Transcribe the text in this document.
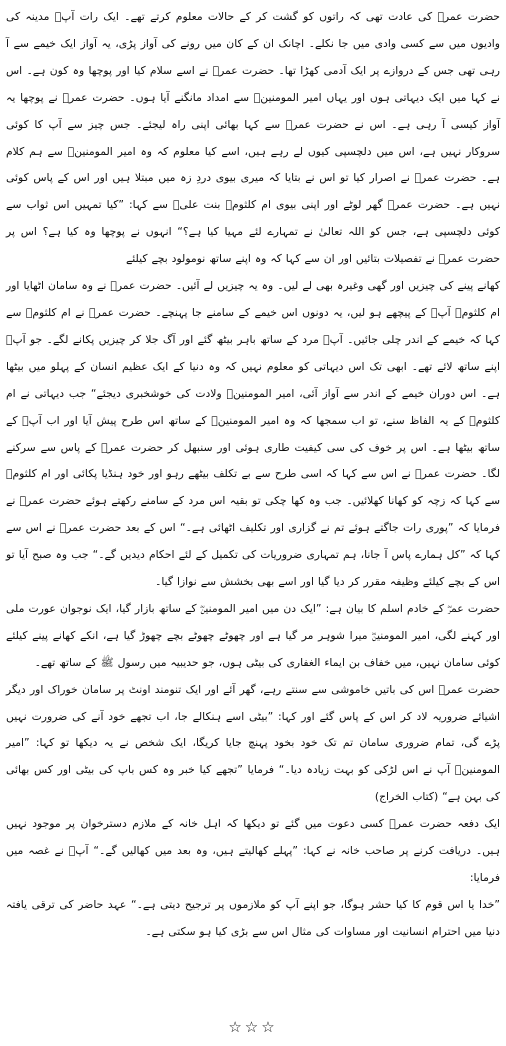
حضرت عمرؓ کی عادت تھی کہ راتوں کو گشت کر کے حالات معلوم کرتے تھے۔ ایک رات آپؓ مدینہ کی وادیوں میں سے کسی وادی میں جا نکلے۔ اچانک ان کے کان میں رونے کی آواز پڑی، یہ آواز ایک خیمے سے آ رہی تھی جس کے دروازے پر ایک آدمی کھڑا تھا۔ حضرت عمرؓ نے اسے سلام کیا اور پوچھا وہ کون ہے۔ اس نے کہا میں ایک دیہاتی ہوں اور یہاں امیر المومنینؓ سے امداد مانگنے آیا ہوں۔ حضرت عمرؓ نے پوچھا یہ آواز کیسی آ رہی ہے۔ اس نے حضرت عمرؓ سے کہا بھائی اپنی راہ لیجئے۔ جس چیز سے آپ کا کوئی سروکار نہیں ہے، اس میں دلچسپی کیوں لے رہے ہیں، اسے کیا معلوم کہ وہ امیر المومنینؓ سے ہم کلام ہے۔ حضرت عمرؓ نے اصرار کیا تو اس نے بتایا کہ میری بیوی دردِ زہ میں مبتلا ہیں اور اس کے پاس کوئی نہیں ہے۔ حضرت عمرؓ گھر لوٹے اور اپنی بیوی ام کلثومؓ بنت علیؓ سے کہا: ”کیا تمہیں اس ثواب سے کوئی دلچسپی ہے، جس کو اللہ تعالیٰ نے تمہارے لئے مہیا کیا ہے؟“ انہوں نے پوچھا وہ کیا ہے؟ اس پر حضرت عمرؓ نے تفصیلات بتائیں اور ان سے کہا کہ وہ اپنے ساتھ نومولود بچے کیلئے

کھانے پینے کی چیزیں اور گھی وغیرہ بھی لے لیں۔ وہ یہ چیزیں لے آئیں۔ حضرت عمرؓ نے وہ سامان اٹھایا اور ام کلثومؓ آپؓ کے پیچھے ہو لیں، یہ دونوں اس خیمے کے سامنے جا پہنچے۔ حضرت عمرؓ نے ام کلثومؓ سے کہا کہ خیمے کے اندر چلی جائیں۔ آپؓ مرد کے ساتھ باہر بیٹھ گئے اور آگ جلا کر چیزیں پکانے لگے۔ جو آپؓ اپنے ساتھ لائے تھے۔ ابھی تک اس دیہاتی کو معلوم نہیں کہ وہ دنیا کے ایک عظیم انسان کے پہلو میں بیٹھا ہے۔ اس دوران خیمے کے اندر سے آواز آئی، امیر المومنینؓ ولادت کی خوشخبری دیجئے“ جب دیہاتی نے ام کلثومؓ کے یہ الفاظ سنے، تو اب سمجھا کہ وہ امیر المومنینؓ کے ساتھ اس طرح پیش آیا اور اب آپؓ کے ساتھ بیٹھا ہے۔ اس پر خوف کی سی کیفیت طاری ہوئی اور سنبھل کر حضرت عمرؓ کے پاس سے سرکنے لگا۔ حضرت عمرؓ نے اس سے کہا کہ اسی طرح سے بے تکلف بیٹھے رہو اور خود ہنڈیا پکائی اور ام کلثومؓ سے کہا کہ زچہ کو کھانا کھلائیں۔ جب وہ کھا چکی تو بقیہ اس مرد کے سامنے رکھتے ہوئے حضرت عمرؓ نے فرمایا کہ ”پوری رات جاگتے ہوئے تم نے گزاری اور تکلیف اٹھائی ہے۔“ اس کے بعد حضرت عمرؓ نے اس سے کہا کہ ”کل ہمارے پاس آ جانا، ہم تمہاری ضروریات کی تکمیل کے لئے احکام دیدیں گے۔“ جب وہ صبح آیا تو اس کے بچے کیلئے وظیفہ مقرر کر دیا گیا اور اسے بھی بخشش سے نوازا گیا۔

حضرت عمرؓ کے خادم اسلم کا بیان ہے: ”ایک دن میں امیر المومنینؓ کے ساتھ بازار گیا، ایک نوجوان عورت ملی اور کہنے لگی، امیر المومنینؓ میرا شوہر مر گیا ہے اور چھوٹے چھوٹے بچے چھوڑ گیا ہے، انکے کھانے پینے کیلئے کوئی سامان نہیں، میں خفاف بن ایماء الغفاری کی بیٹی ہوں، جو حدیبیہ میں رسول ﷺ کے ساتھ تھے۔

حضرت عمرؓ اس کی باتیں خاموشی سے سنتے رہے، گھر آئے اور ایک تنومند اونٹ پر سامان خوراک اور دیگر اشیائے ضروریہ لاد کر اس کے پاس گئے اور کہا: ”بیٹی اسے ہنکالے جا، اب تجھے خود آنے کی ضرورت نہیں پڑے گی، تمام ضروری سامان تم تک خود بخود پہنچ جایا کریگا، ایک شخص نے یہ دیکھا تو کہا: ”امیر المومنینؓ آپ نے اس لڑکی کو بہت زیادہ دیا۔“ فرمایا ”تجھے کیا خبر وہ کس باپ کی بیٹی اور کس بھائی کی بہن ہے“ (کتاب الخراج)

ایک دفعہ حضرت عمرؓ کسی دعوت میں گئے تو دیکھا کہ اہل خانہ کے ملازم دسترخوان پر موجود نہیں ہیں۔ دریافت کرنے پر صاحب خانہ نے کہا: ”پہلے کھالیتے ہیں، وہ بعد میں کھالیں گے۔“ آپؓ نے غصہ میں فرمایا:

”خدا یا اس قوم کا کیا حشر ہوگا، جو اپنے آپ کو ملازموں پر ترجیح دیتی ہے۔“ عہد حاضر کی ترقی یافتہ دنیا میں احترام انسانیت اور مساوات کی مثال اس سے بڑی کیا ہو سکتی ہے۔

☆☆☆
